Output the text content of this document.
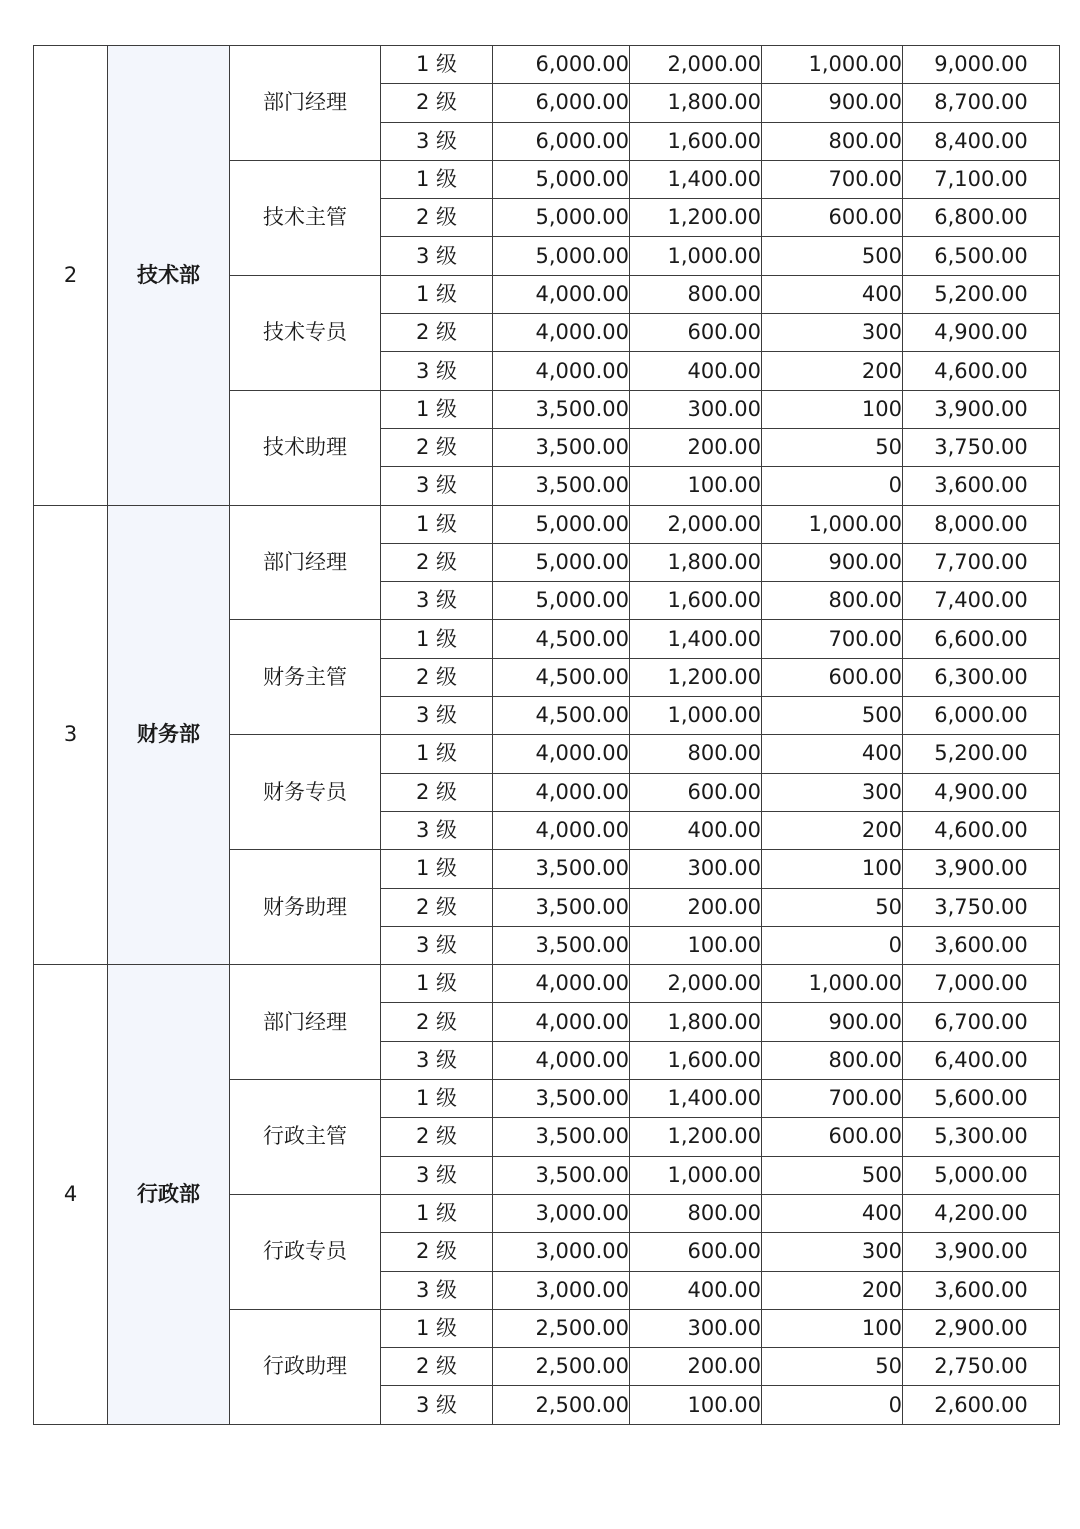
2	技术部	部门经理	1 级	6,000.00	2,000.00	1,000.00	9,000.00
			2 级	6,000.00	1,800.00	900.00	8,700.00
			3 级	6,000.00	1,600.00	800.00	8,400.00
		技术主管	1 级	5,000.00	1,400.00	700.00	7,100.00
			2 级	5,000.00	1,200.00	600.00	6,800.00
			3 级	5,000.00	1,000.00	500	6,500.00
		技术专员	1 级	4,000.00	800.00	400	5,200.00
			2 级	4,000.00	600.00	300	4,900.00
			3 级	4,000.00	400.00	200	4,600.00
		技术助理	1 级	3,500.00	300.00	100	3,900.00
			2 级	3,500.00	200.00	50	3,750.00
			3 级	3,500.00	100.00	0	3,600.00
3	财务部	部门经理	1 级	5,000.00	2,000.00	1,000.00	8,000.00
			2 级	5,000.00	1,800.00	900.00	7,700.00
			3 级	5,000.00	1,600.00	800.00	7,400.00
		财务主管	1 级	4,500.00	1,400.00	700.00	6,600.00
			2 级	4,500.00	1,200.00	600.00	6,300.00
			3 级	4,500.00	1,000.00	500	6,000.00
		财务专员	1 级	4,000.00	800.00	400	5,200.00
			2 级	4,000.00	600.00	300	4,900.00
			3 级	4,000.00	400.00	200	4,600.00
		财务助理	1 级	3,500.00	300.00	100	3,900.00
			2 级	3,500.00	200.00	50	3,750.00
			3 级	3,500.00	100.00	0	3,600.00
4	行政部	部门经理	1 级	4,000.00	2,000.00	1,000.00	7,000.00
			2 级	4,000.00	1,800.00	900.00	6,700.00
			3 级	4,000.00	1,600.00	800.00	6,400.00
		行政主管	1 级	3,500.00	1,400.00	700.00	5,600.00
			2 级	3,500.00	1,200.00	600.00	5,300.00
			3 级	3,500.00	1,000.00	500	5,000.00
		行政专员	1 级	3,000.00	800.00	400	4,200.00
			2 级	3,000.00	600.00	300	3,900.00
			3 级	3,000.00	400.00	200	3,600.00
		行政助理	1 级	2,500.00	300.00	100	2,900.00
			2 级	2,500.00	200.00	50	2,750.00
			3 级	2,500.00	100.00	0	2,600.00
